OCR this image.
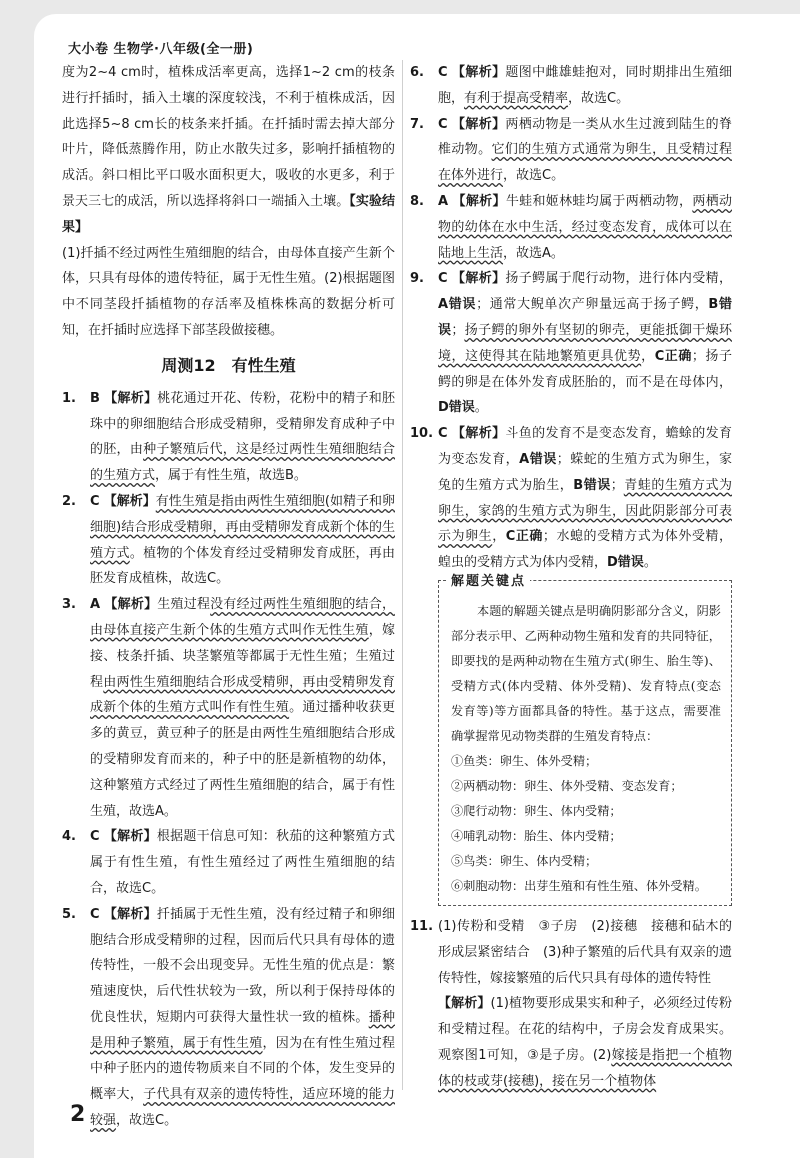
大小卷 生物学·八年级(全一册)

度为2~4 cm时，植株成活率更高，选择1~2 cm的枝条进行扦插时，插入土壤的深度较浅，不利于植株成活，因此选择5~8 cm长的枝条来扦插。在扦插时需去掉大部分叶片，降低蒸腾作用，防止水散失过多，影响扦插植物的成活。斜口相比平口吸水面积更大，吸收的水更多，利于景天三七的成活，所以选择将斜口一端插入土壤。【实验结果】

(1)扦插不经过两性生殖细胞的结合，由母体直接产生新个体，只具有母体的遗传特征，属于无性生殖。(2)根据题图中不同茎段扦插植物的存活率及植株株高的数据分析可知，在扦插时应选择下部茎段做接穗。

周测12　有性生殖
1. B 【解析】桃花通过开花、传粉，花粉中的精子和胚珠中的卵细胞结合形成受精卵，受精卵发育成种子中的胚，由种子繁殖后代，这是经过两性生殖细胞结合的生殖方式，属于有性生殖，故选B。

2. C 【解析】有性生殖是指由两性生殖细胞(如精子和卵细胞)结合形成受精卵，再由受精卵发育成新个体的生殖方式。植物的个体发育经过受精卵发育成胚，再由胚发育成植株，故选C。

3. A 【解析】生殖过程没有经过两性生殖细胞的结合，由母体直接产生新个体的生殖方式叫作无性生殖，嫁接、枝条扦插、块茎繁殖等都属于无性生殖；生殖过程由两性生殖细胞结合形成受精卵，再由受精卵发育成新个体的生殖方式叫作有性生殖。通过播种收获更多的黄豆，黄豆种子的胚是由两性生殖细胞结合形成的受精卵发育而来的，种子中的胚是新植物的幼体，这种繁殖方式经过了两性生殖细胞的结合，属于有性生殖，故选A。

4. C 【解析】根据题干信息可知：秋茄的这种繁殖方式属于有性生殖，有性生殖经过了两性生殖细胞的结合，故选C。

5. C 【解析】扦插属于无性生殖，没有经过精子和卵细胞结合形成受精卵的过程，因而后代只具有母体的遗传特性，一般不会出现变异。无性生殖的优点是：繁殖速度快，后代性状较为一致，所以利于保持母体的优良性状，短期内可获得大量性状一致的植株。播种是用种子繁殖，属于有性生殖，因为在有性生殖过程中种子胚内的遗传物质来自不同的个体，发生变异的概率大，子代具有双亲的遗传特性，适应环境的能力较强，故选C。

6. C 【解析】题图中雌雄蛙抱对，同时期排出生殖细胞，有利于提高受精率，故选C。

7. C 【解析】两栖动物是一类从水生过渡到陆生的脊椎动物。它们的生殖方式通常为卵生，且受精过程在体外进行，故选C。

8. A 【解析】牛蛙和姬林蛙均属于两栖动物，两栖动物的幼体在水中生活，经过变态发育，成体可以在陆地上生活，故选A。

9. C 【解析】扬子鳄属于爬行动物，进行体内受精，A错误；通常大鲵单次产卵量远高于扬子鳄，B错误；扬子鳄的卵外有坚韧的卵壳，更能抵御干燥环境，这使得其在陆地繁殖更具优势，C正确；扬子鳄的卵是在体外发育成胚胎的，而不是在母体内，D错误。

10. C 【解析】斗鱼的发育不是变态发育，蟾蜍的发育为变态发育，A错误；蝾蛇的生殖方式为卵生，家兔的生殖方式为胎生，B错误；青蛙的生殖方式为卵生，家鸽的生殖方式为卵生，因此阴影部分可表示为卵生，C正确；水螅的受精方式为体外受精，蝗虫的受精方式为体内受精，D错误。

解题关键点

本题的解题关键点是明确阴影部分含义，阴影部分表示甲、乙两种动物生殖和发育的共同特征，即要找的是两种动物在生殖方式(卵生、胎生等)、受精方式(体内受精、体外受精)、发育特点(变态发育等)等方面都具备的特性。基于这点，需要准确掌握常见动物类群的生殖发育特点：

①鱼类：卵生、体外受精；

②两栖动物：卵生、体外受精、变态发育；

③爬行动物：卵生、体内受精；

④哺乳动物：胎生、体内受精；

⑤鸟类：卵生、体内受精；

⑥刺胞动物：出芽生殖和有性生殖、体外受精。

11. (1)传粉和受精　③子房　(2)接穗　接穗和砧木的形成层紧密结合　(3)种子繁殖的后代具有双亲的遗传特性，嫁接繁殖的后代只具有母体的遗传特性

【解析】(1)植物要形成果实和种子，必须经过传粉和受精过程。在花的结构中，子房会发育成果实。观察图1可知，③是子房。(2)嫁接是指把一个植物体的枝或芽(接穗)，接在另一个植物体

2
